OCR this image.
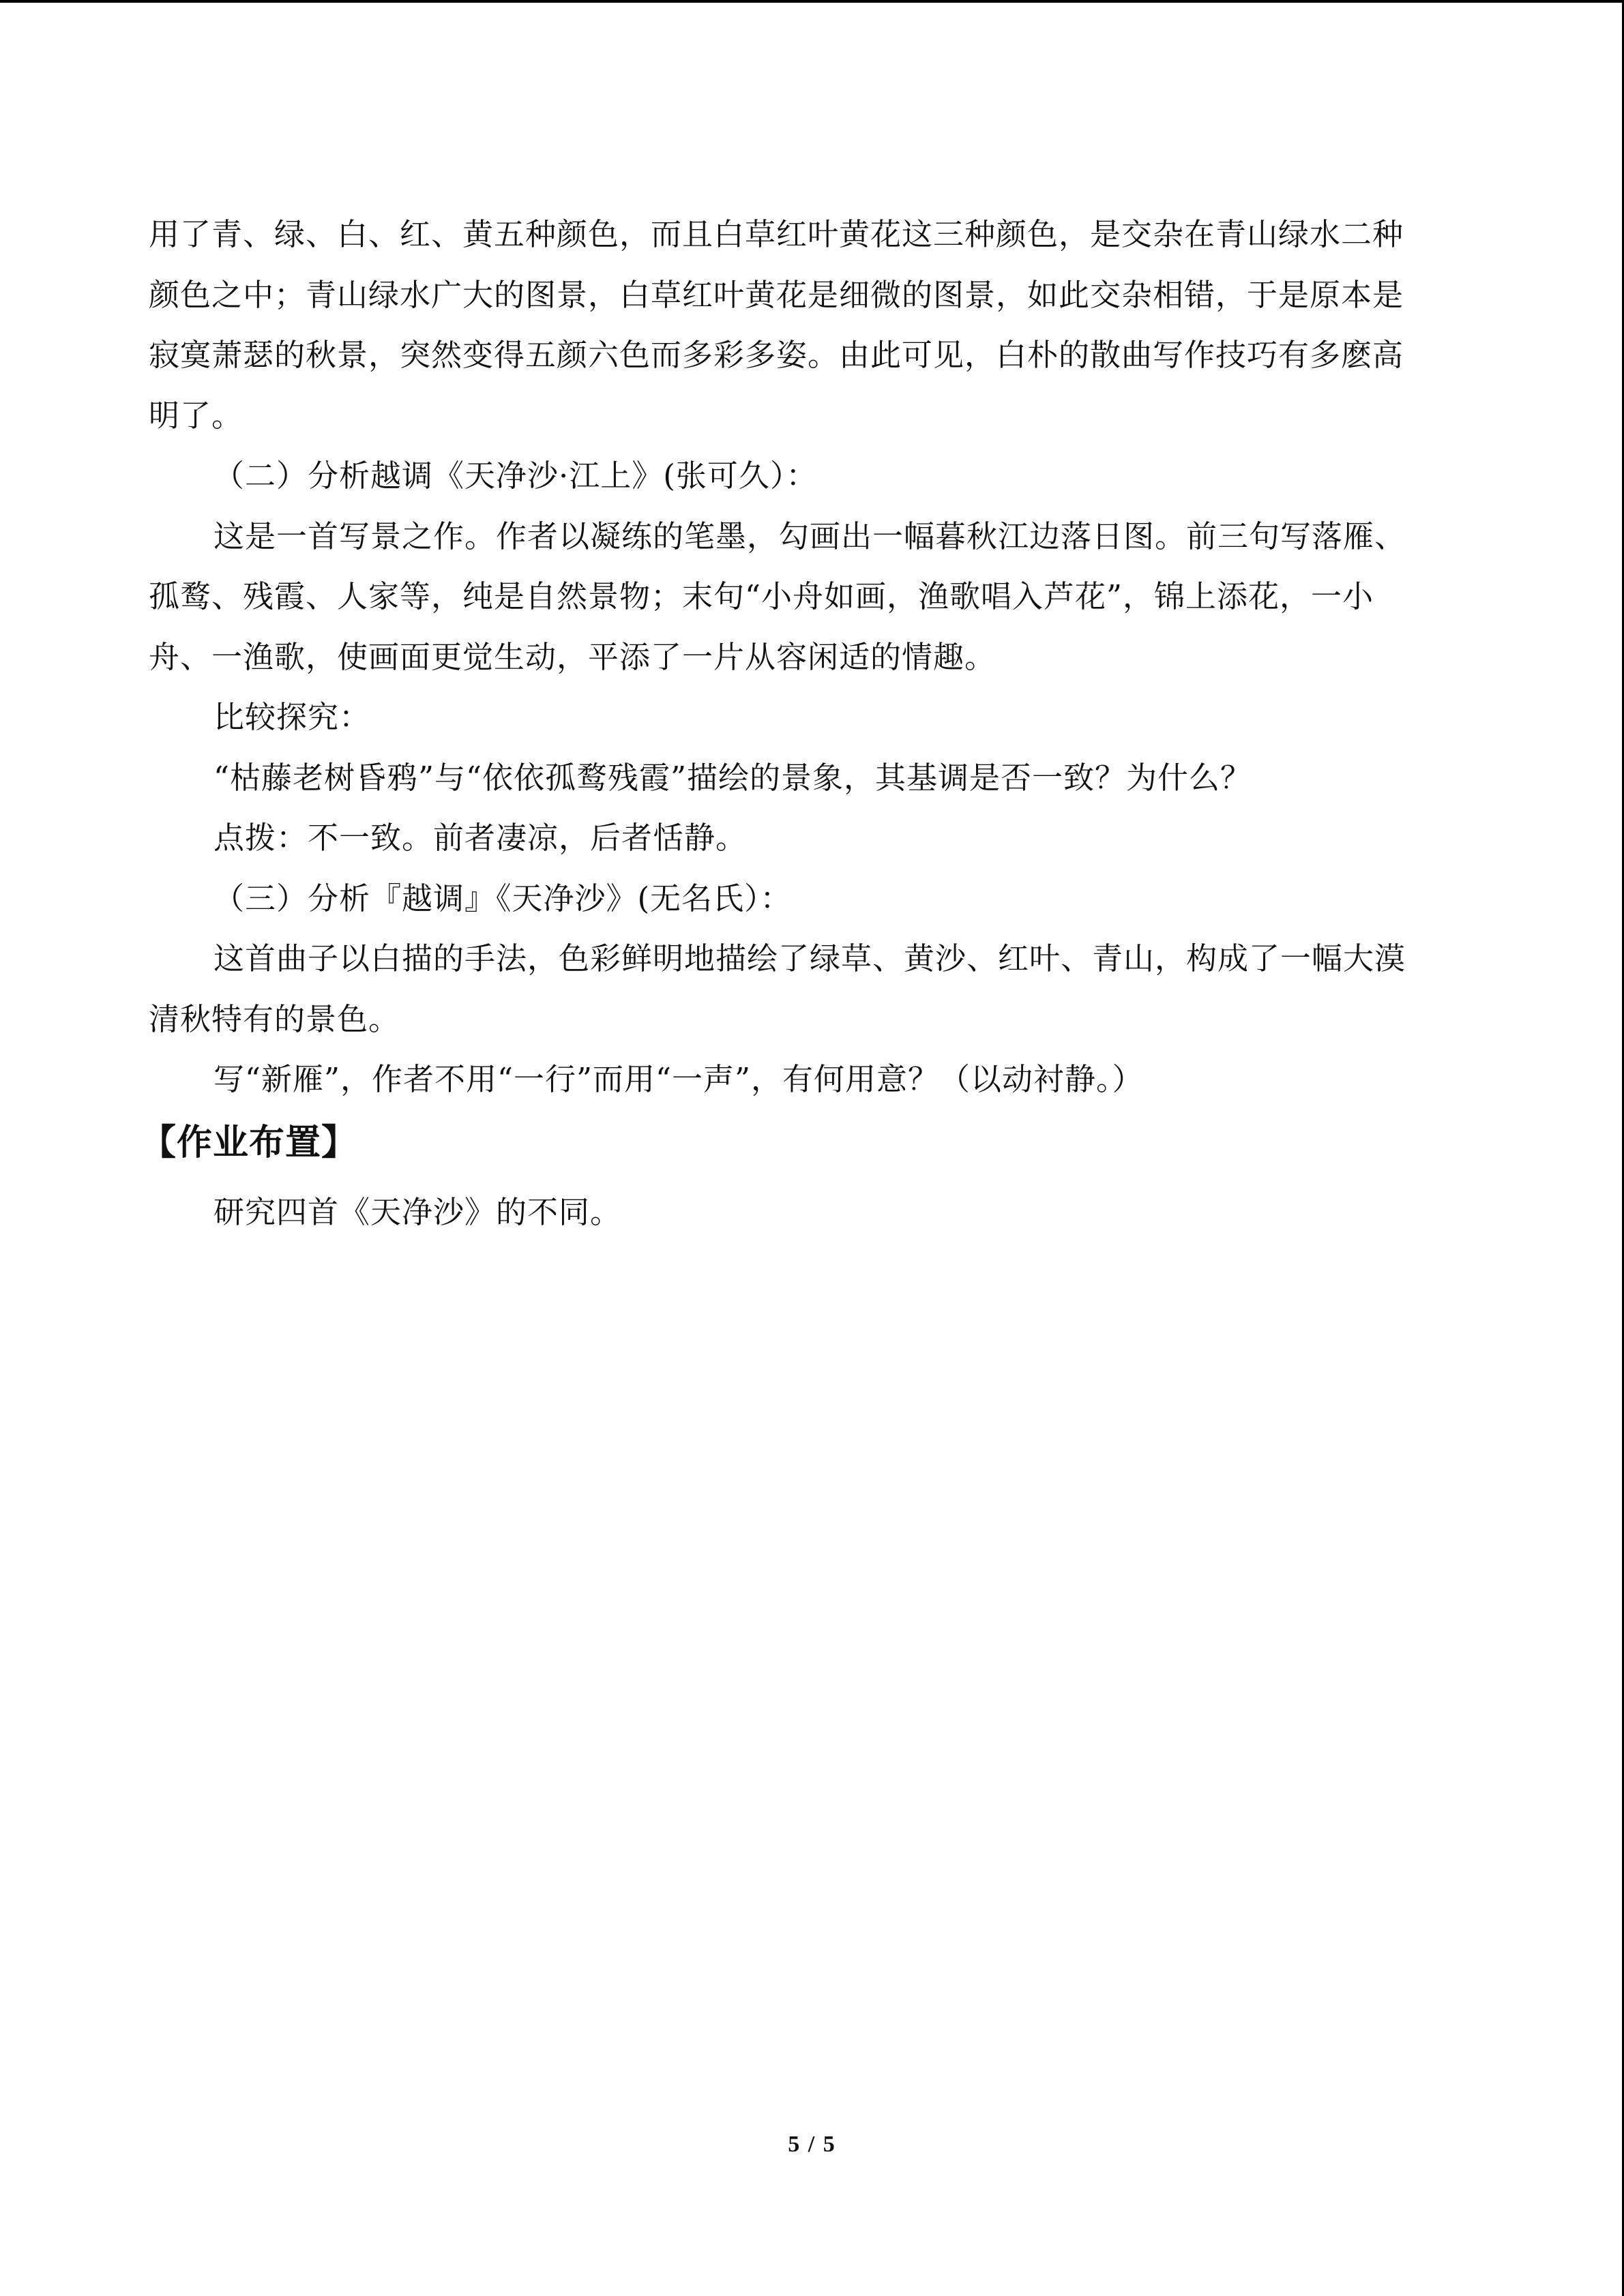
用了青、绿、白、红、黄五种颜色，而且白草红叶黄花这三种颜色，是交杂在青山绿水二种

颜色之中；青山绿水广大的图景，白草红叶黄花是细微的图景，如此交杂相错，于是原本是

寂寞萧瑟的秋景，突然变得五颜六色而多彩多姿。由此可见，白朴的散曲写作技巧有多麽高

明了。

（二）分析越调《天净沙·江上》(张可久）：

这是一首写景之作。作者以凝练的笔墨，勾画出一幅暮秋江边落日图。前三句写落雁、

孤鹜、残霞、人家等，纯是自然景物；末句“小舟如画，渔歌唱入芦花”，锦上添花，一小

舟、一渔歌，使画面更觉生动，平添了一片从容闲适的情趣。

比较探究：

“枯藤老树昏鸦”与“依依孤鹜残霞”描绘的景象，其基调是否一致？为什么？

点拨：不一致。前者凄凉，后者恬静。

（三）分析『越调』《天净沙》(无名氏）：

这首曲子以白描的手法，色彩鲜明地描绘了绿草、黄沙、红叶、青山，构成了一幅大漠

清秋特有的景色。

写“新雁”，作者不用“一行”而用“一声”，有何用意？（以动衬静。）

【作业布置】

研究四首《天净沙》的不同。

5 / 5
